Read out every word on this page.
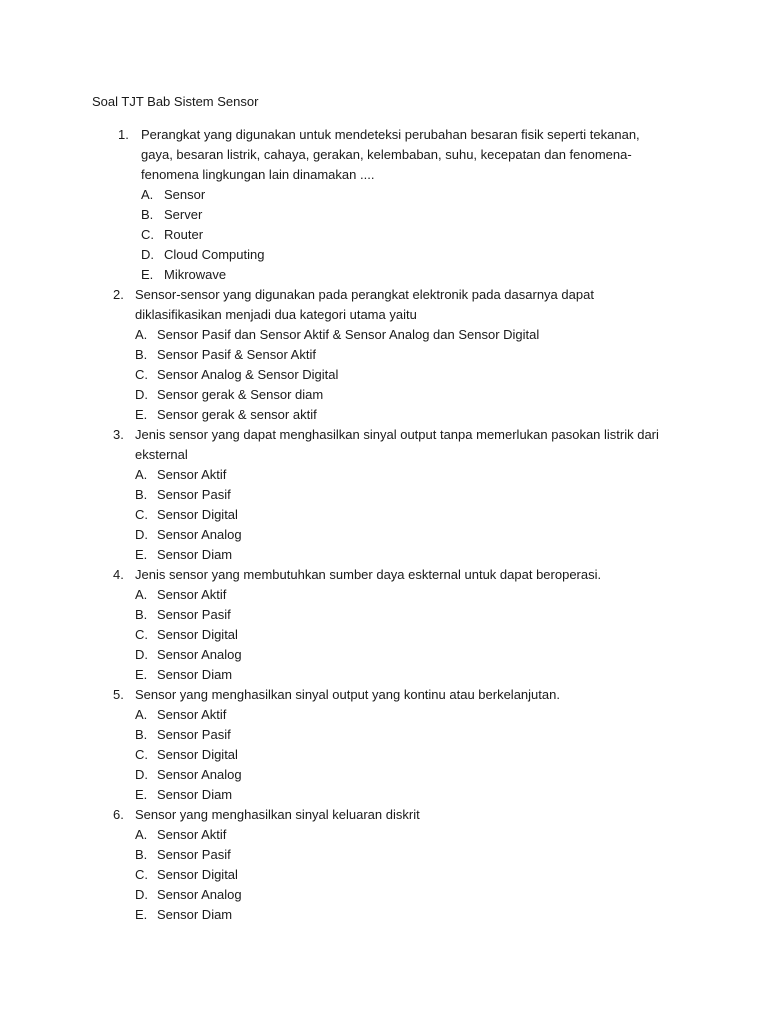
Soal TJT Bab Sistem Sensor
1. Perangkat yang digunakan untuk mendeteksi perubahan besaran fisik seperti tekanan, gaya, besaran listrik, cahaya, gerakan, kelembaban, suhu, kecepatan dan fenomena-fenomena lingkungan lain dinamakan ....
A. Sensor
B. Server
C. Router
D. Cloud Computing
E. Mikrowave
2. Sensor-sensor yang digunakan pada perangkat elektronik pada dasarnya dapat diklasifikasikan menjadi dua kategori utama yaitu
A. Sensor Pasif dan Sensor Aktif & Sensor Analog dan Sensor Digital
B. Sensor Pasif & Sensor Aktif
C. Sensor Analog & Sensor Digital
D. Sensor gerak & Sensor diam
E. Sensor gerak & sensor aktif
3. Jenis sensor yang dapat menghasilkan sinyal output tanpa memerlukan pasokan listrik dari eksternal
A. Sensor Aktif
B. Sensor Pasif
C. Sensor Digital
D. Sensor Analog
E. Sensor Diam
4. Jenis sensor yang membutuhkan sumber daya eskternal untuk dapat beroperasi.
A. Sensor Aktif
B. Sensor Pasif
C. Sensor Digital
D. Sensor Analog
E. Sensor Diam
5. Sensor yang menghasilkan sinyal output yang kontinu atau berkelanjutan.
A. Sensor Aktif
B. Sensor Pasif
C. Sensor Digital
D. Sensor Analog
E. Sensor Diam
6. Sensor yang menghasilkan sinyal keluaran diskrit
A. Sensor Aktif
B. Sensor Pasif
C. Sensor Digital
D. Sensor Analog
E. Sensor Diam
